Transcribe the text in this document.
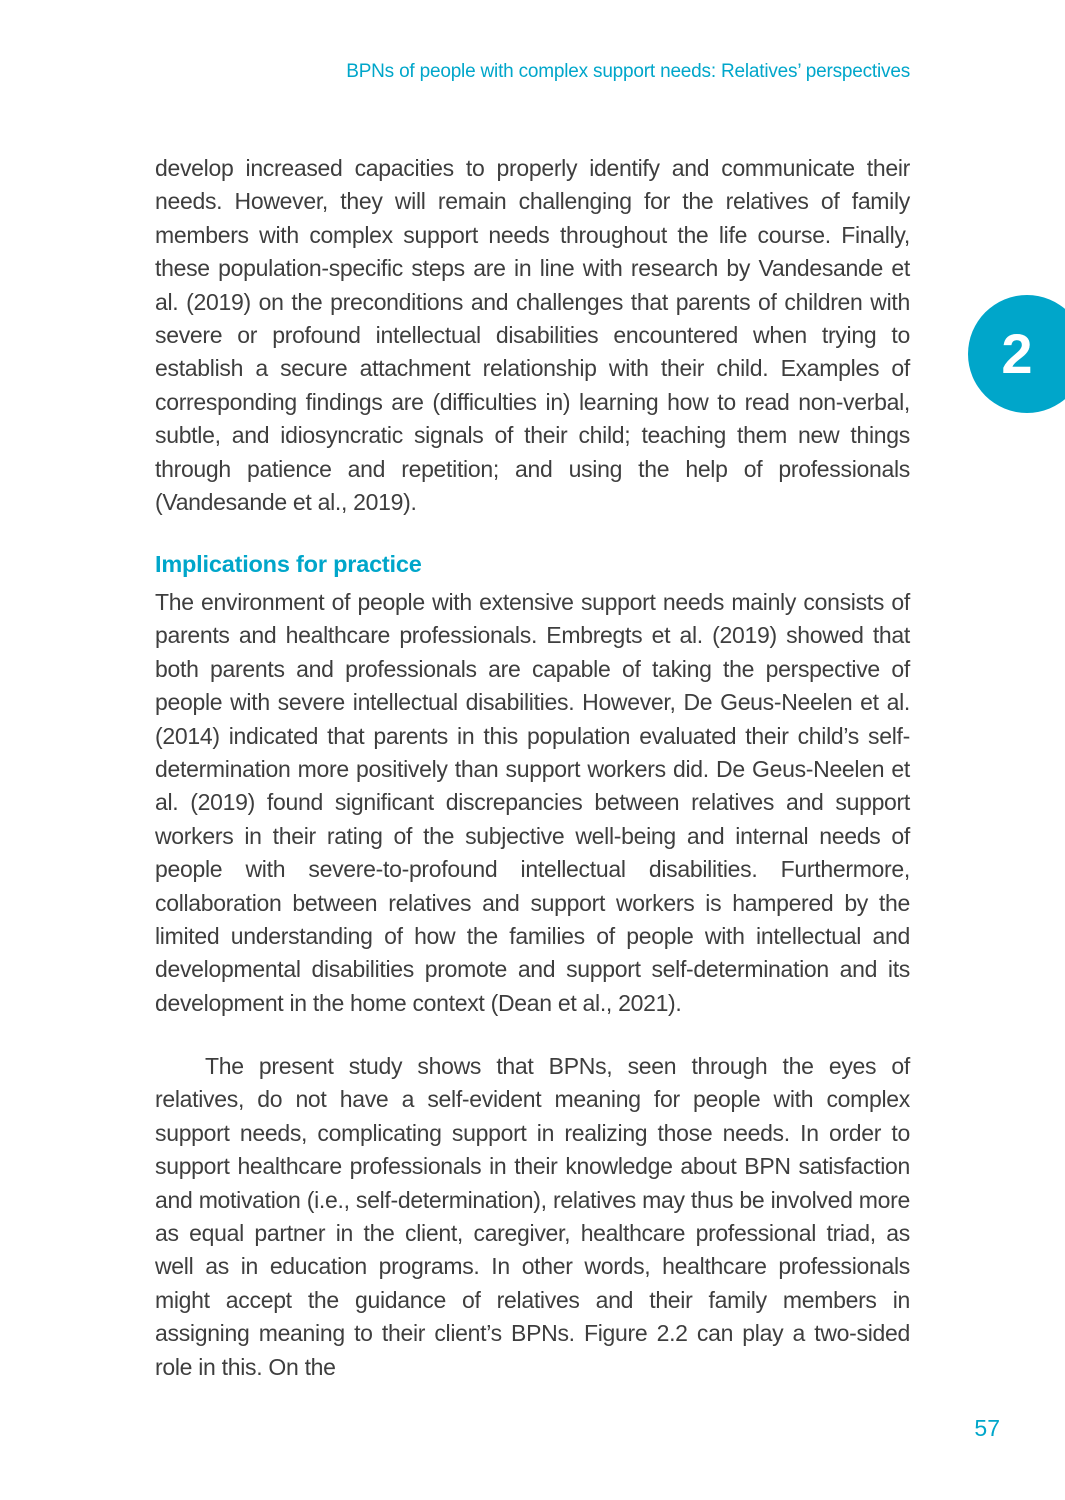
BPNs of people with complex support needs: Relatives’ perspectives
develop increased capacities to properly identify and communicate their needs. However, they will remain challenging for the relatives of family members with complex support needs throughout the life course. Finally, these population-specific steps are in line with research by Vandesande et al. (2019) on the preconditions and challenges that parents of children with severe or profound intellectual disabilities encountered when trying to establish a secure attachment relationship with their child. Examples of corresponding findings are (difficulties in) learning how to read non-verbal, subtle, and idiosyncratic signals of their child; teaching them new things through patience and repetition; and using the help of professionals (Vandesande et al., 2019).
Implications for practice
The environment of people with extensive support needs mainly consists of parents and healthcare professionals. Embregts et al. (2019) showed that both parents and professionals are capable of taking the perspective of people with severe intellectual disabilities. However, De Geus-Neelen et al. (2014) indicated that parents in this population evaluated their child’s self-determination more positively than support workers did. De Geus-Neelen et al. (2019) found significant discrepancies between relatives and support workers in their rating of the subjective well-being and internal needs of people with severe-to-profound intellectual disabilities. Furthermore, collaboration between relatives and support workers is hampered by the limited understanding of how the families of people with intellectual and developmental disabilities promote and support self-determination and its development in the home context (Dean et al., 2021).
The present study shows that BPNs, seen through the eyes of relatives, do not have a self-evident meaning for people with complex support needs, complicating support in realizing those needs. In order to support healthcare professionals in their knowledge about BPN satisfaction and motivation (i.e., self-determination), relatives may thus be involved more as equal partner in the client, caregiver, healthcare professional triad, as well as in education programs. In other words, healthcare professionals might accept the guidance of relatives and their family members in assigning meaning to their client’s BPNs. Figure 2.2 can play a two-sided role in this. On the
2
57
